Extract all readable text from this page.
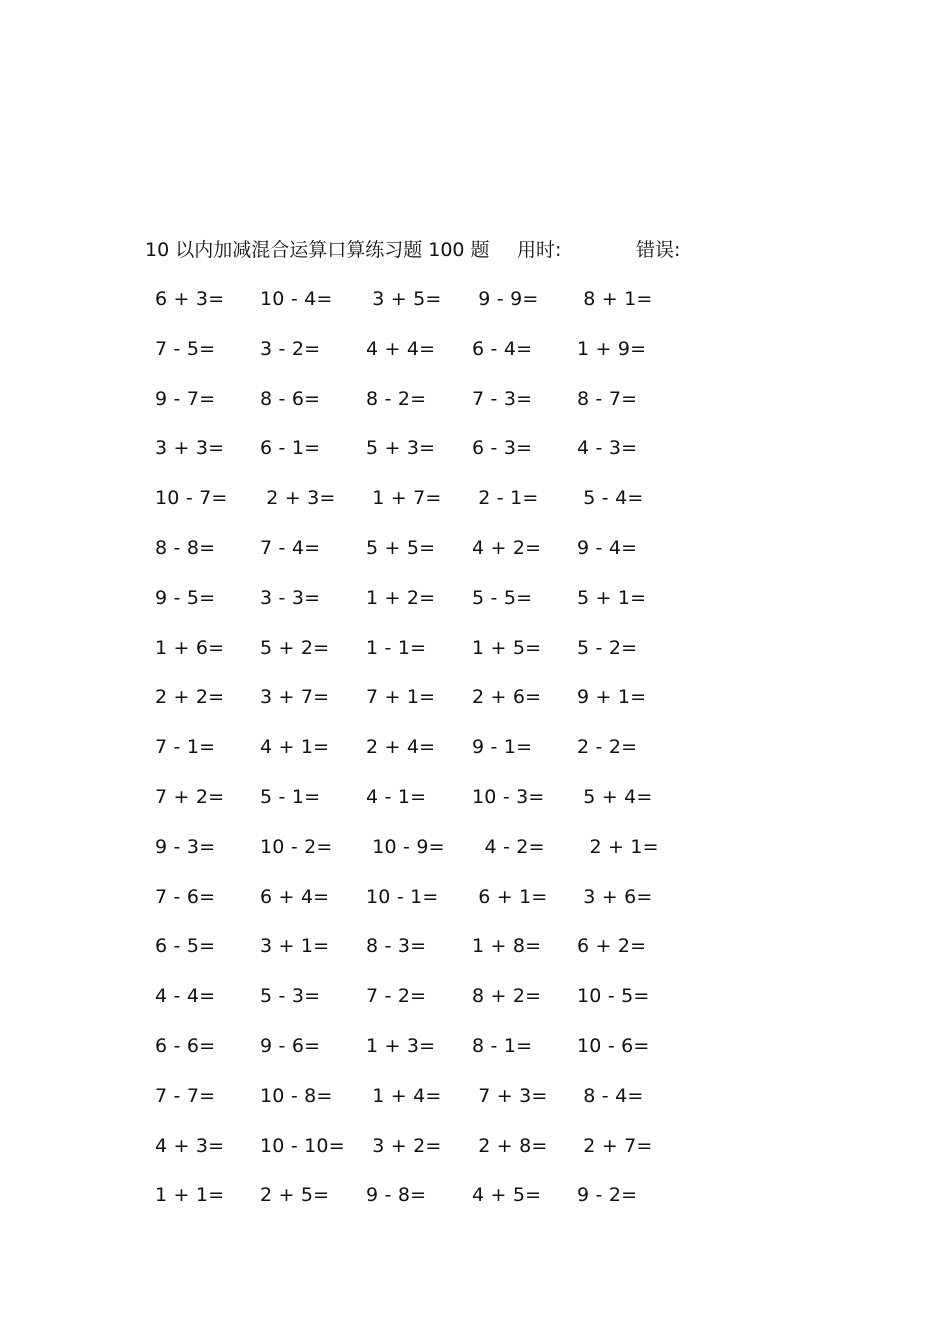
10 以内加减混合运算口算练习题 100 题 用时:	错误:
6 + 3= 10 - 4= 3 + 5= 9 - 9= 8 + 1=
7 - 5= 3 - 2= 4 + 4= 6 - 4= 1 + 9=
9 - 7= 8 - 6= 8 - 2= 7 - 3= 8 - 7=
3 + 3= 6 - 1= 5 + 3= 6 - 3= 4 - 3=
10 - 7= 2 + 3= 1 + 7= 2 - 1= 5 - 4=
8 - 8= 7 - 4= 5 + 5= 4 + 2= 9 - 4=
9 - 5= 3 - 3= 1 + 2= 5 - 5= 5 + 1=
1 + 6= 5 + 2= 1 - 1= 1 + 5= 5 - 2=
2 + 2= 3 + 7= 7 + 1= 2 + 6= 9 + 1=
7 - 1= 4 + 1= 2 + 4= 9 - 1= 2 - 2=
7 + 2= 5 - 1= 4 - 1= 10 - 3= 5 + 4=
9 - 3= 10 - 2= 10 - 9= 4 - 2= 2 + 1=
7 - 6= 6 + 4= 10 - 1= 6 + 1= 3 + 6=
6 - 5= 3 + 1= 8 - 3= 1 + 8= 6 + 2=
4 - 4= 5 - 3= 7 - 2= 8 + 2= 10 - 5=
6 - 6= 9 - 6= 1 + 3= 8 - 1= 10 - 6=
7 - 7= 10 - 8= 1 + 4= 7 + 3= 8 - 4=
4 + 3= 10 - 10= 3 + 2= 2 + 8= 2 + 7=
1 + 1= 2 + 5= 9 - 8= 4 + 5= 9 - 2=
